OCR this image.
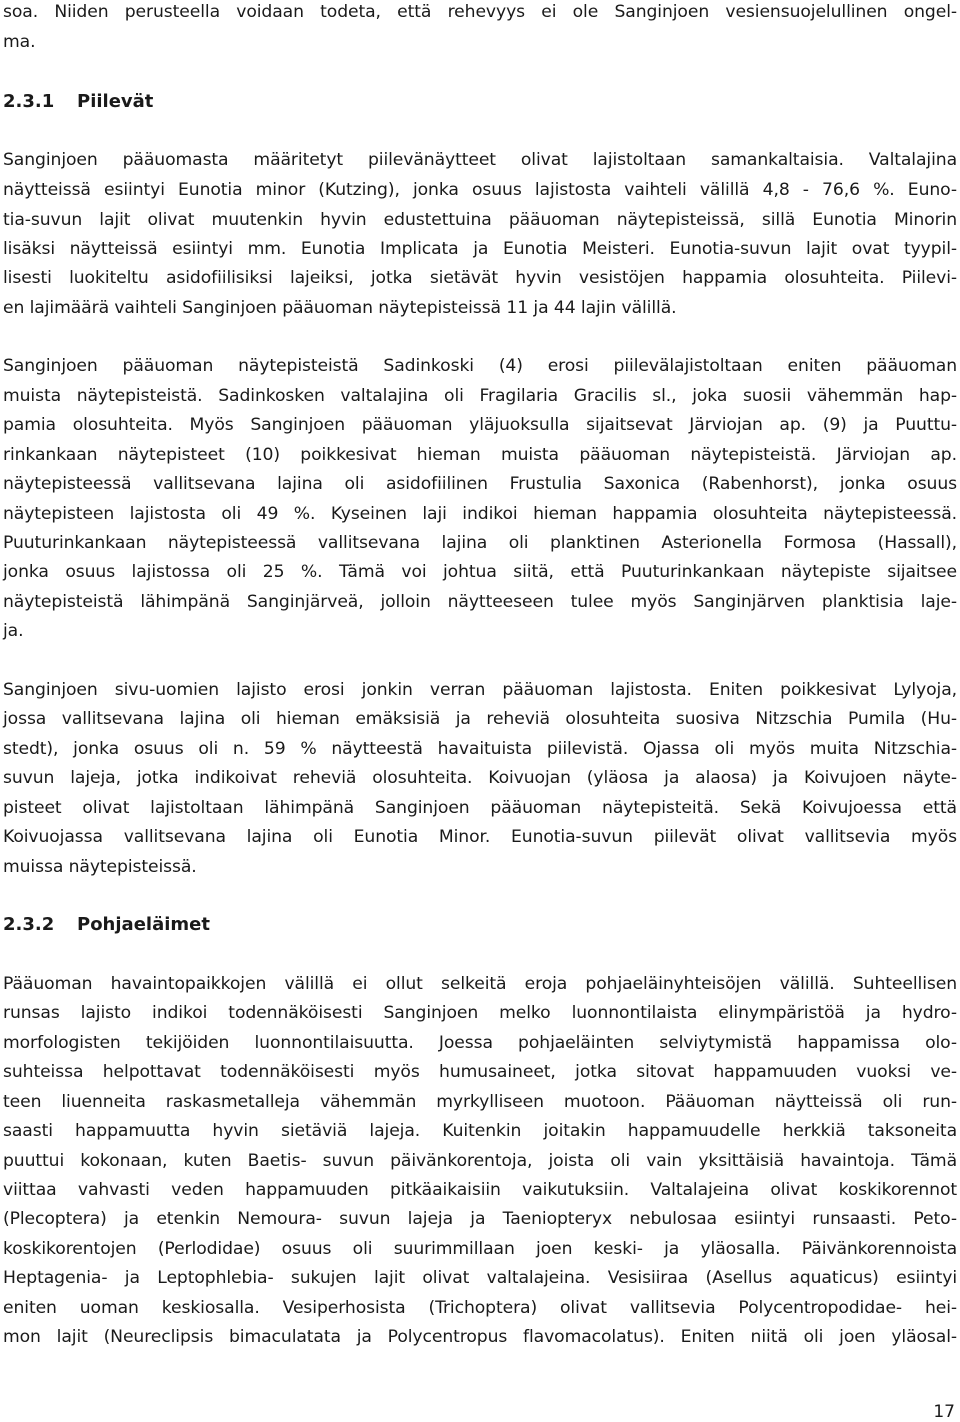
soa. Niiden perusteella voidaan todeta, että rehevyys ei ole Sanginjoen vesiensuojelullinen ongel-
ma.
2.3.1 Piilevät
Sanginjoen pääuomasta määritetyt piilevänäytteet olivat lajistoltaan samankaltaisia. Valtalajina
näytteissä esiintyi Eunotia minor (Kutzing), jonka osuus lajistosta vaihteli välillä 4,8 - 76,6 %. Euno-
tia-suvun lajit olivat muutenkin hyvin edustettuina pääuoman näytepisteissä, sillä Eunotia Minorin
lisäksi näytteissä esiintyi mm. Eunotia Implicata ja Eunotia Meisteri. Eunotia-suvun lajit ovat tyypil-
lisesti luokiteltu asidofiilisiksi lajeiksi, jotka sietävät hyvin vesistöjen happamia olosuhteita. Piilevi-
en lajimäärä vaihteli Sanginjoen pääuoman näytepisteissä 11 ja 44 lajin välillä.
Sanginjoen pääuoman näytepisteistä Sadinkoski (4) erosi piilevälajistoltaan eniten pääuoman
muista näytepisteistä. Sadinkosken valtalajina oli Fragilaria Gracilis sl., joka suosii vähemmän hap-
pamia olosuhteita. Myös Sanginjoen pääuoman yläjuoksulla sijaitsevat Järviojan ap. (9) ja Puuttu-
rinkankaan näytepisteet (10) poikkesivat hieman muista pääuoman näytepisteistä. Järviojan ap.
näytepisteessä vallitsevana lajina oli asidofiilinen Frustulia Saxonica (Rabenhorst), jonka osuus
näytepisteen lajistosta oli 49 %. Kyseinen laji indikoi hieman happamia olosuhteita näytepisteessä.
Puuturinkankaan näytepisteessä vallitsevana lajina oli planktinen Asterionella Formosa (Hassall),
jonka osuus lajistossa oli 25 %. Tämä voi johtua siitä, että Puuturinkankaan näytepiste sijaitsee
näytepisteistä lähimpänä Sanginjärveä, jolloin näytteeseen tulee myös Sanginjärven planktisia laje-
ja.
Sanginjoen sivu-uomien lajisto erosi jonkin verran pääuoman lajistosta. Eniten poikkesivat Lylyoja,
jossa vallitsevana lajina oli hieman emäksisiä ja reheviä olosuhteita suosiva Nitzschia Pumila (Hu-
stedt), jonka osuus oli n. 59 % näytteestä havaituista piilevistä. Ojassa oli myös muita Nitzschia-
suvun lajeja, jotka indikoivat reheviä olosuhteita. Koivuojan (yläosa ja alaosa) ja Koivujoen näyte-
pisteet olivat lajistoltaan lähimpänä Sanginjoen pääuoman näytepisteitä. Sekä Koivujoessa että
Koivuojassa vallitsevana lajina oli Eunotia Minor. Eunotia-suvun piilevät olivat vallitsevia myös
muissa näytepisteissä.
2.3.2 Pohjaeläimet
Pääuoman havaintopaikkojen välillä ei ollut selkeitä eroja pohjaeläinyhteisöjen välillä. Suhteellisen
runsas lajisto indikoi todennäköisesti Sanginjoen melko luonnontilaista elinympäristöä ja hydro-
morfologisten tekijöiden luonnontilaisuutta. Joessa pohjaeläinten selviytymistä happamissa olo-
suhteissa helpottavat todennäköisesti myös humusaineet, jotka sitovat happamuuden vuoksi ve-
teen liuenneita raskasmetalleja vähemmän myrkylliseen muotoon. Pääuoman näytteissä oli run-
saasti happamuutta hyvin sietäviä lajeja. Kuitenkin joitakin happamuudelle herkkiä taksoneita
puuttui kokonaan, kuten Baetis- suvun päivänkorentoja, joista oli vain yksittäisiä havaintoja. Tämä
viittaa vahvasti veden happamuuden pitkäaikaisiin vaikutuksiin. Valtalajeina olivat koskikorennot
(Plecoptera) ja etenkin Nemoura- suvun lajeja ja Taeniopteryx nebulosaa esiintyi runsaasti. Peto-
koskikorentojen (Perlodidae) osuus oli suurimmillaan joen keski- ja yläosalla. Päivänkorennoista
Heptagenia- ja Leptophlebia- sukujen lajit olivat valtalajeina. Vesisiiraa (Asellus aquaticus) esiintyi
eniten uoman keskiosalla. Vesiperhosista (Trichoptera) olivat vallitsevia Polycentropodidae- hei-
mon lajit (Neureclipsis bimaculatata ja Polycentropus flavomacolatus). Eniten niitä oli joen yläosal-
17
